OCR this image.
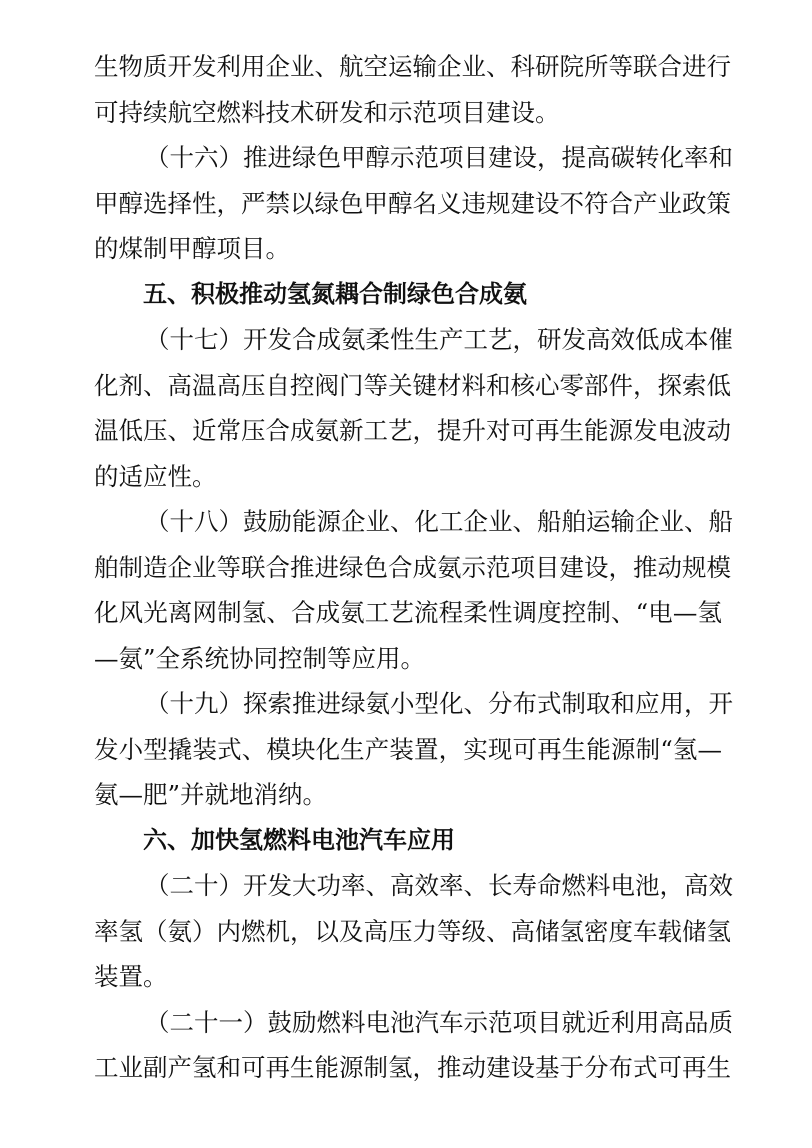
生物质开发利用企业、航空运输企业、科研院所等联合进行
可持续航空燃料技术研发和示范项目建设。
（十六）推进绿色甲醇示范项目建设，提高碳转化率和
甲醇选择性，严禁以绿色甲醇名义违规建设不符合产业政策
的煤制甲醇项目。
五、积极推动氢氮耦合制绿色合成氨
（十七）开发合成氨柔性生产工艺，研发高效低成本催
化剂、高温高压自控阀门等关键材料和核心零部件，探索低
温低压、近常压合成氨新工艺，提升对可再生能源发电波动
的适应性。
（十八）鼓励能源企业、化工企业、船舶运输企业、船
舶制造企业等联合推进绿色合成氨示范项目建设，推动规模
化风光离网制氢、合成氨工艺流程柔性调度控制、“电—氢
—氨”全系统协同控制等应用。
（十九）探索推进绿氨小型化、分布式制取和应用，开
发小型撬装式、模块化生产装置，实现可再生能源制“氢—
氨—肥”并就地消纳。
六、加快氢燃料电池汽车应用
（二十）开发大功率、高效率、长寿命燃料电池，高效
率氢（氨）内燃机，以及高压力等级、高储氢密度车载储氢
装置。
（二十一）鼓励燃料电池汽车示范项目就近利用高品质
工业副产氢和可再生能源制氢，推动建设基于分布式可再生
